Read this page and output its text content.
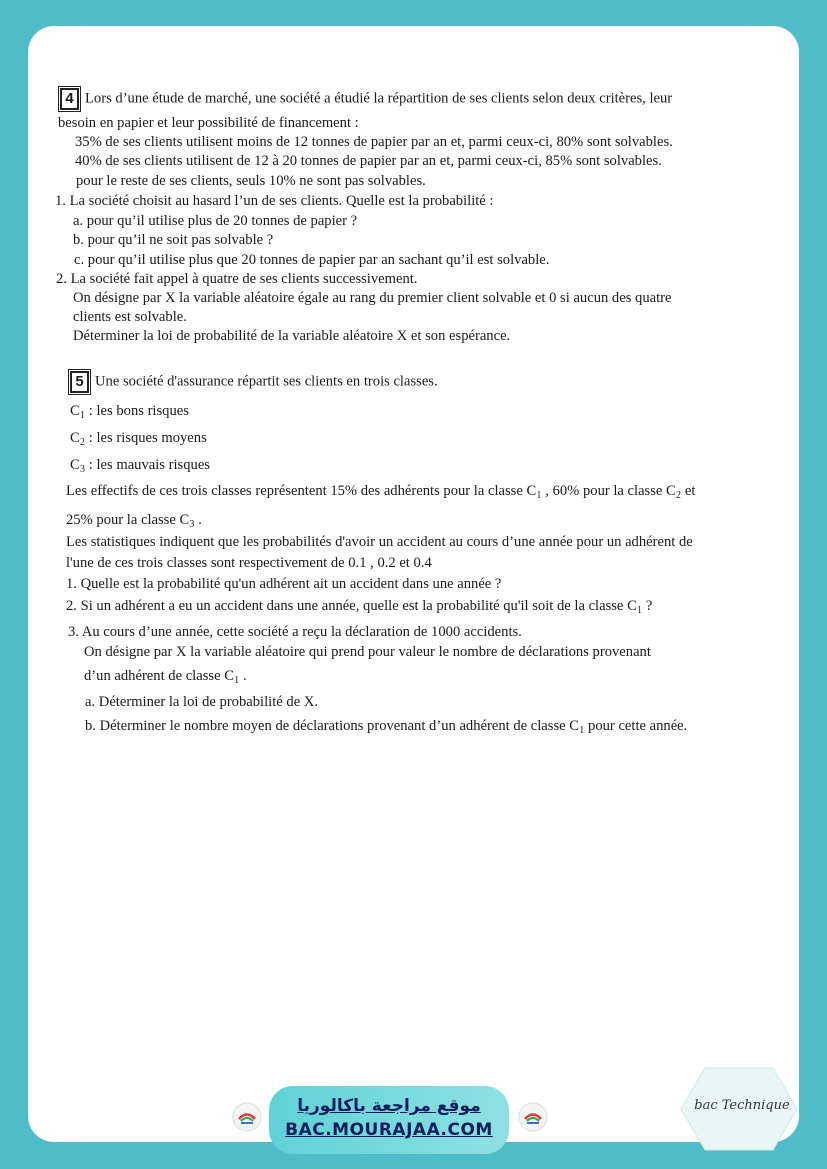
4 Lors d’une étude de marché, une société a étudié la répartition de ses clients selon deux critères, leur
besoin en papier et leur possibilité de financement :
35% de ses clients utilisent moins de 12 tonnes de papier par an et, parmi ceux-ci, 80% sont solvables.
40% de ses clients utilisent de 12 à 20 tonnes de papier par an et, parmi ceux-ci, 85% sont solvables.
pour le reste de ses clients, seuls 10% ne sont pas solvables.
1. La société choisit au hasard l’un de ses clients. Quelle est la probabilité :
a. pour qu’il utilise plus de 20 tonnes de papier ?
b. pour qu’il ne soit pas solvable ?
c. pour qu’il utilise plus que 20 tonnes de papier par an sachant qu’il est solvable.
2. La société fait appel à quatre de ses clients successivement.
On désigne par X la variable aléatoire égale au rang du premier client solvable et 0 si aucun des quatre
clients est solvable.
Déterminer la loi de probabilité de la variable aléatoire X et son espérance.
5 Une société d'assurance répartit ses clients en trois classes.
$C_1$ : les bons risques
$C_2$ : les risques moyens
$C_3$ : les mauvais risques
Les effectifs de ces trois classes représentent 15% des adhérents pour la classe $C_1$ , 60% pour la classe $C_2$ et
25% pour la classe $C_3$ .
Les statistiques indiquent que les probabilités d'avoir un accident au cours d’une année pour un adhérent de
l'une de ces trois classes sont respectivement de 0.1 , 0.2 et 0.4
1. Quelle est la probabilité qu'un adhérent ait un accident dans une année ?
2. Si un adhérent a eu un accident dans une année, quelle est la probabilité qu'il soit de la classe $C_1$ ?
3. Au cours d’une année, cette société a reçu la déclaration de 1000 accidents.
On désigne par X la variable aléatoire qui prend pour valeur le nombre de déclarations provenant
d’un adhérent de classe $C_1$ .
a. Déterminer la loi de probabilité de X.
b. Déterminer le nombre moyen de déclarations provenant d’un adhérent de classe $C_1$ pour cette année.
موقع مراجعة باكالوريا
BAC.MOURAJAA.COM
bac Technique
